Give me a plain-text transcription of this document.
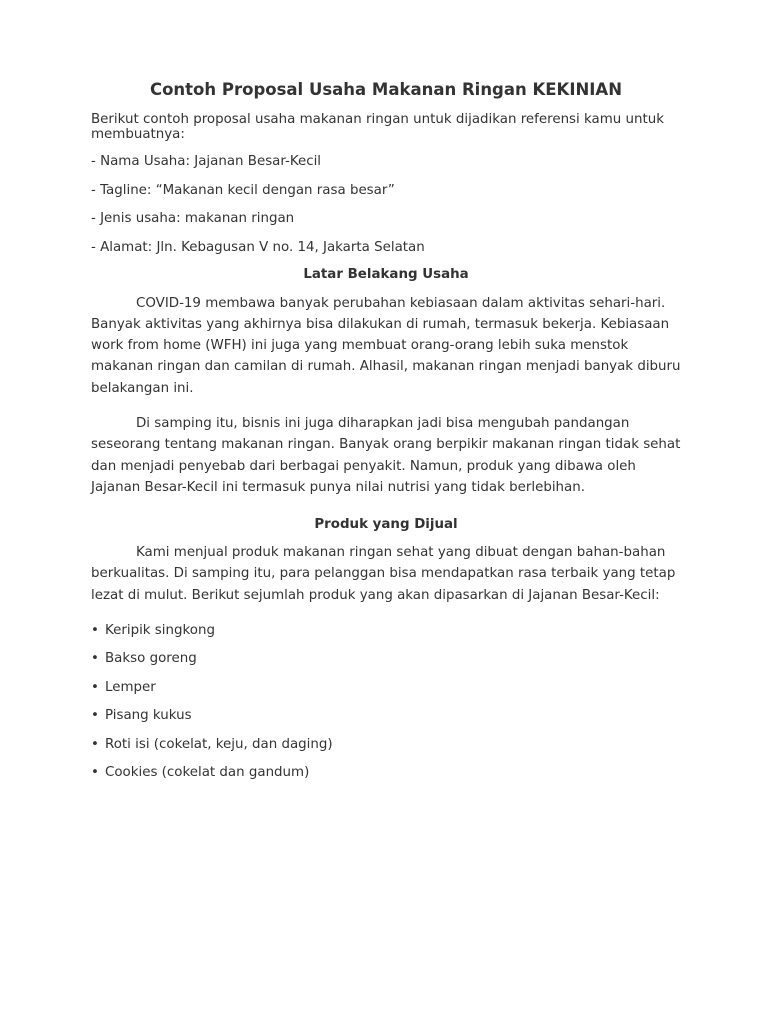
Contoh Proposal Usaha Makanan Ringan KEKINIAN

Berikut contoh proposal usaha makanan ringan untuk dijadikan referensi kamu untuk membuatnya:

- Nama Usaha: Jajanan Besar-Kecil

- Tagline: “Makanan kecil dengan rasa besar”

- Jenis usaha: makanan ringan

- Alamat: Jln. Kebagusan V no. 14, Jakarta Selatan

Latar Belakang Usaha

COVID-19 membawa banyak perubahan kebiasaan dalam aktivitas sehari-hari. Banyak aktivitas yang akhirnya bisa dilakukan di rumah, termasuk bekerja. Kebiasaan work from home (WFH) ini juga yang membuat orang-orang lebih suka menstok makanan ringan dan camilan di rumah. Alhasil, makanan ringan menjadi banyak diburu belakangan ini.

Di samping itu, bisnis ini juga diharapkan jadi bisa mengubah pandangan seseorang tentang makanan ringan. Banyak orang berpikir makanan ringan tidak sehat dan menjadi penyebab dari berbagai penyakit. Namun, produk yang dibawa oleh Jajanan Besar-Kecil ini termasuk punya nilai nutrisi yang tidak berlebihan.

Produk yang Dijual

Kami menjual produk makanan ringan sehat yang dibuat dengan bahan-bahan berkualitas. Di samping itu, para pelanggan bisa mendapatkan rasa terbaik yang tetap lezat di mulut. Berikut sejumlah produk yang akan dipasarkan di Jajanan Besar-Kecil:

• Keripik singkong
• Bakso goreng
• Lemper
• Pisang kukus
• Roti isi (cokelat, keju, dan daging)
• Cookies (cokelat dan gandum)
